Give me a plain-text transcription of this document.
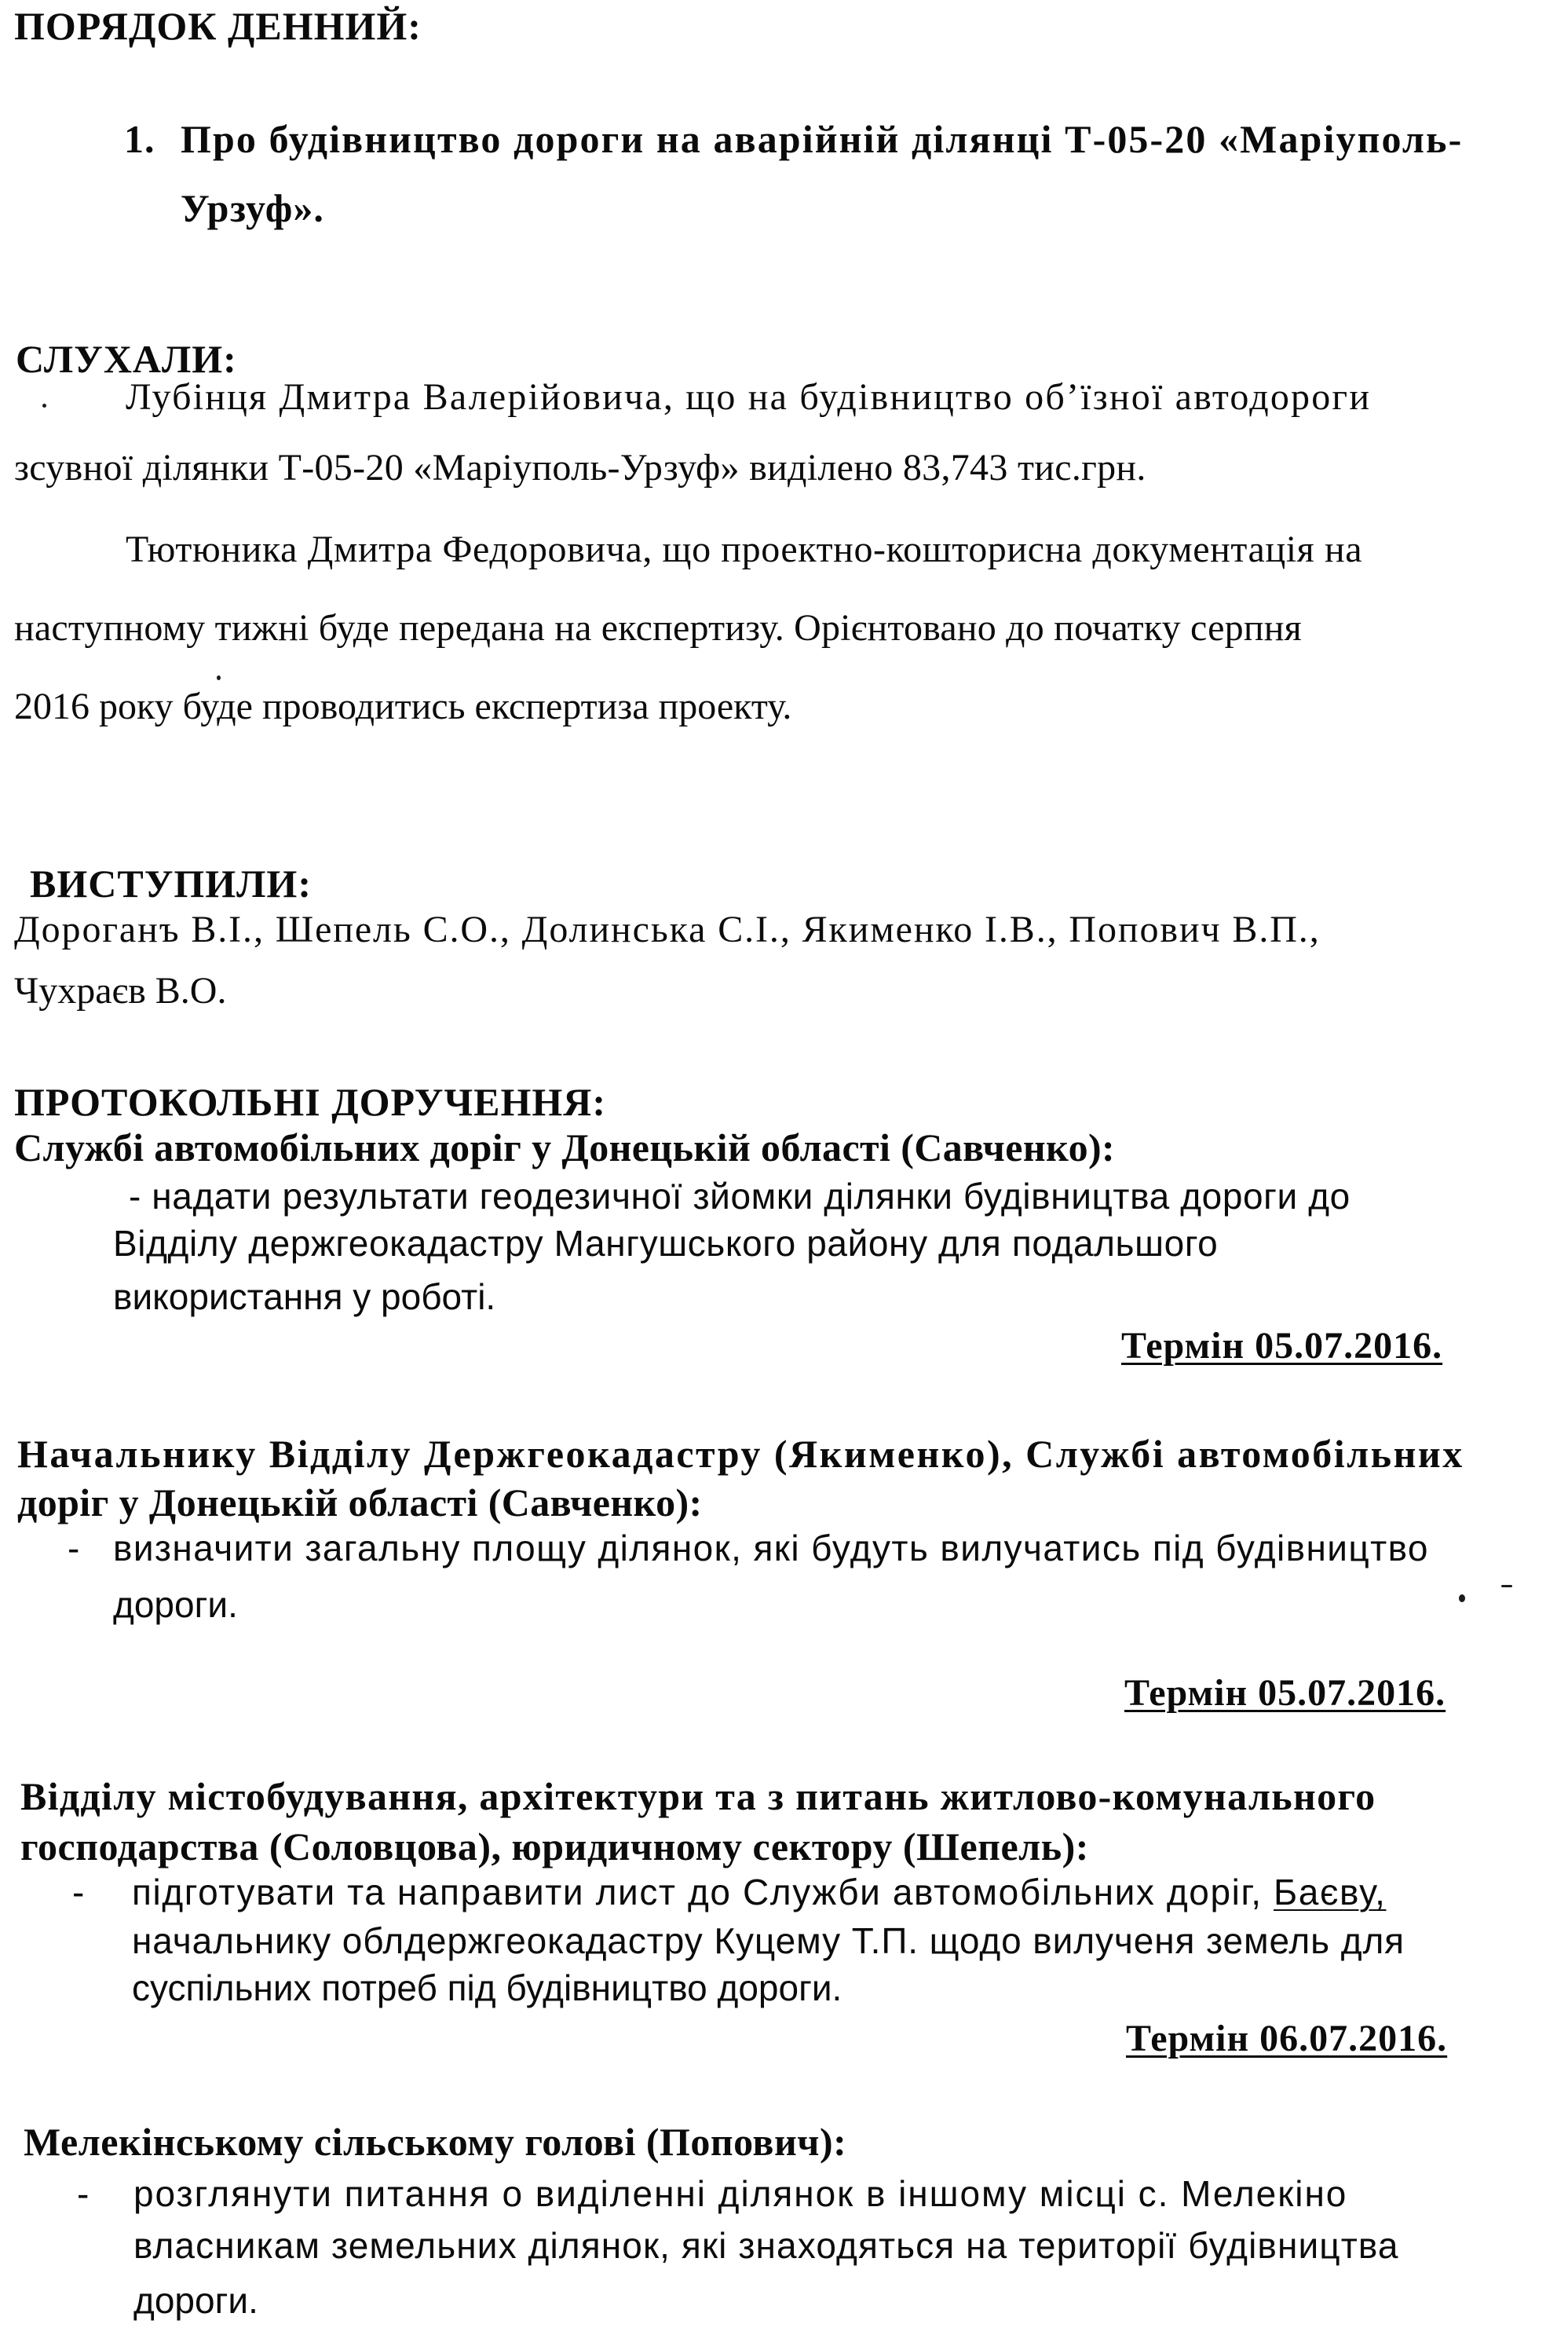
ПОРЯДОК ДЕННИЙ:
1. Про будівництво дороги на аварійній ділянці Т-05-20 «Маріуполь-
Урзуф».
СЛУХАЛИ:
Лубінця Дмитра Валерійовича, що на будівництво об’їзної автодороги
зсувної ділянки Т-05-20 «Маріуполь-Урзуф» виділено 83,743 тис.грн.
Тютюника Дмитра Федоровича, що проектно-кошторисна документація на
наступному тижні буде передана на експертизу. Орієнтовано до початку серпня
2016 року буде проводитись експертиза проекту.
ВИСТУПИЛИ:
Дороганъ В.І., Шепель С.О., Долинська С.І., Якименко І.В., Попович В.П.,
Чухраєв В.О.
ПРОТОКОЛЬНІ ДОРУЧЕННЯ:
Службі автомобільних доріг у Донецькій області (Савченко):
- надати результати геодезичної зйомки ділянки будівництва дороги до
Відділу держгеокадастру Мангушського району для подальшого
використання у роботі.
Термін 05.07.2016.
Начальнику Відділу Держгеокадастру (Якименко), Службі автомобільних
доріг у Донецькій області (Савченко):
- визначити загальну площу ділянок, які будуть вилучатись під будівництво
дороги.
Термін 05.07.2016.
Відділу містобудування, архітектури та з питань житлово-комунального
господарства (Соловцова), юридичному сектору (Шепель):
- підготувати та направити лист до Служби автомобільних доріг, Баєву,
начальнику облдержгеокадастру Куцему Т.П. щодо вилученя земель для
суспільних потреб під будівництво дороги.
Термін 06.07.2016.
Мелекінському сільському голові (Попович):
- розглянути питання о виділенні ділянок в іншому місці с. Мелекіно
власникам земельних ділянок, які знаходяться на території будівництва
дороги.
